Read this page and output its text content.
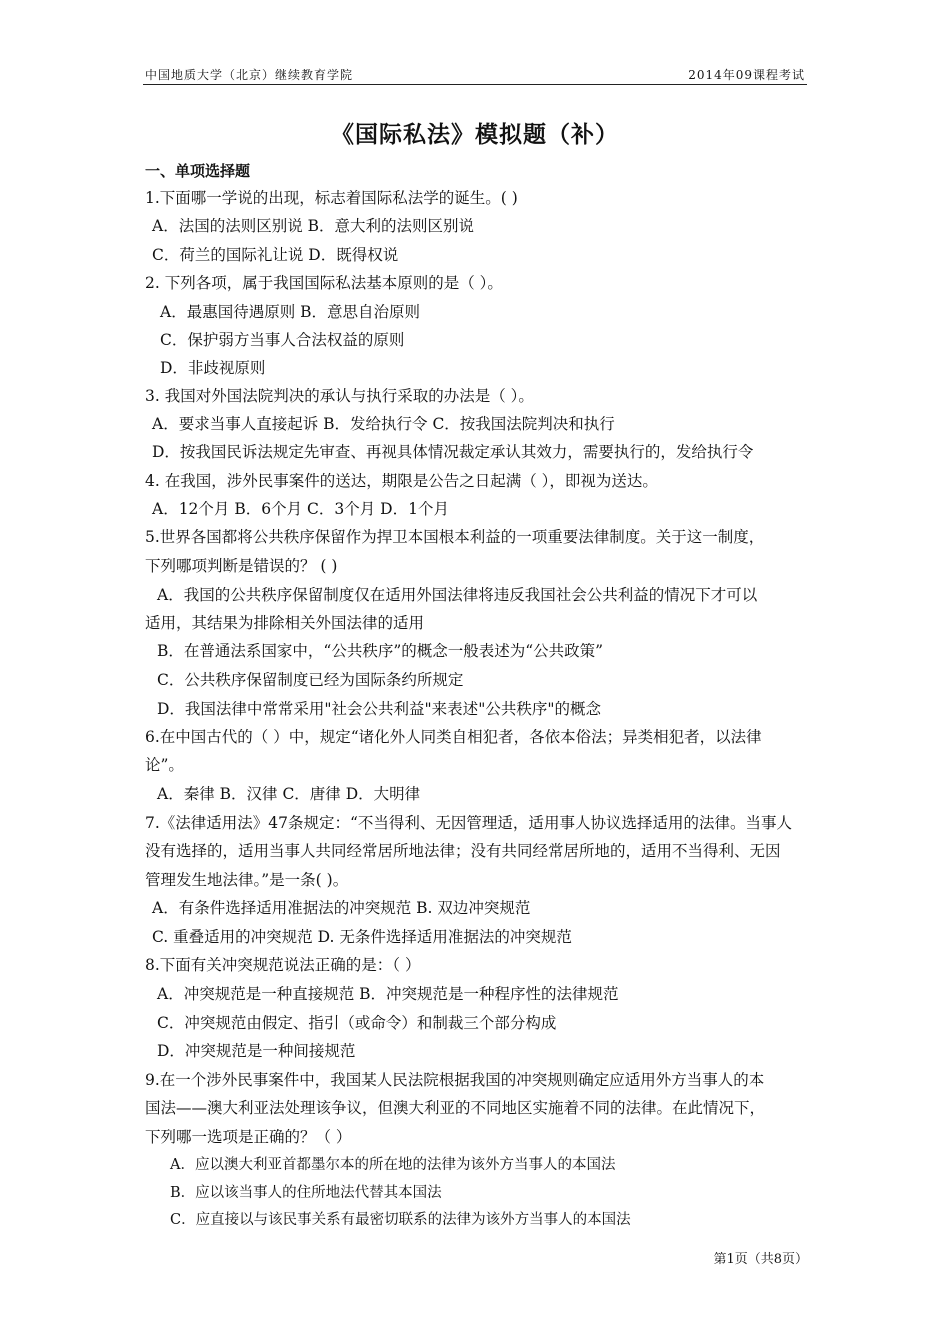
中国地质大学（北京）继续教育学院	2014年09课程考试
《国际私法》模拟题（补）
一、单项选择题
1.下面哪一学说的出现，标志着国际私法学的诞生。( )
A．法国的法则区别说 B．意大利的法则区别说
C．荷兰的国际礼让说 D．既得权说
2. 下列各项，属于我国国际私法基本原则的是（ ）。
A．最惠国待遇原则 B．意思自治原则
C．保护弱方当事人合法权益的原则
D．非歧视原则
3. 我国对外国法院判决的承认与执行采取的办法是（ ）。
A．要求当事人直接起诉 B．发给执行令 C．按我国法院判决和执行
D．按我国民诉法规定先审查、再视具体情况裁定承认其效力，需要执行的，发给执行令
4. 在我国，涉外民事案件的送达，期限是公告之日起满（ ），即视为送达。
A．12个月 B．6个月 C．3个月 D．1个月
5.世界各国都将公共秩序保留作为捍卫本国根本利益的一项重要法律制度。关于这一制度，
下列哪项判断是错误的？ ( )
A．我国的公共秩序保留制度仅在适用外国法律将违反我国社会公共利益的情况下才可以
适用，其结果为排除相关外国法律的适用
B．在普通法系国家中，“公共秩序”的概念一般表述为“公共政策”
C．公共秩序保留制度已经为国际条约所规定
D．我国法律中常常采用"社会公共利益"来表述"公共秩序"的概念
6.在中国古代的（ ）中，规定“诸化外人同类自相犯者，各依本俗法；异类相犯者，以法律
论”。
A．秦律 B．汉律 C．唐律 D．大明律
7.《法律适用法》47条规定：“不当得利、无因管理适，适用事人协议选择适用的法律。当事人
没有选择的，适用当事人共同经常居所地法律；没有共同经常居所地的，适用不当得利、无因
管理发生地法律。”是一条( )。
A．有条件选择适用准据法的冲突规范 B. 双边冲突规范
C. 重叠适用的冲突规范 D. 无条件选择适用准据法的冲突规范
8.下面有关冲突规范说法正确的是：（ ）
A．冲突规范是一种直接规范 B．冲突规范是一种程序性的法律规范
C．冲突规范由假定、指引（或命令）和制裁三个部分构成
D．冲突规范是一种间接规范
9.在一个涉外民事案件中，我国某人民法院根据我国的冲突规则确定应适用外方当事人的本
国法——澳大利亚法处理该争议，但澳大利亚的不同地区实施着不同的法律。在此情况下，
下列哪一选项是正确的？（ ）
A．应以澳大利亚首都墨尔本的所在地的法律为该外方当事人的本国法
B．应以该当事人的住所地法代替其本国法
C．应直接以与该民事关系有最密切联系的法律为该外方当事人的本国法
第1页（共8页）
